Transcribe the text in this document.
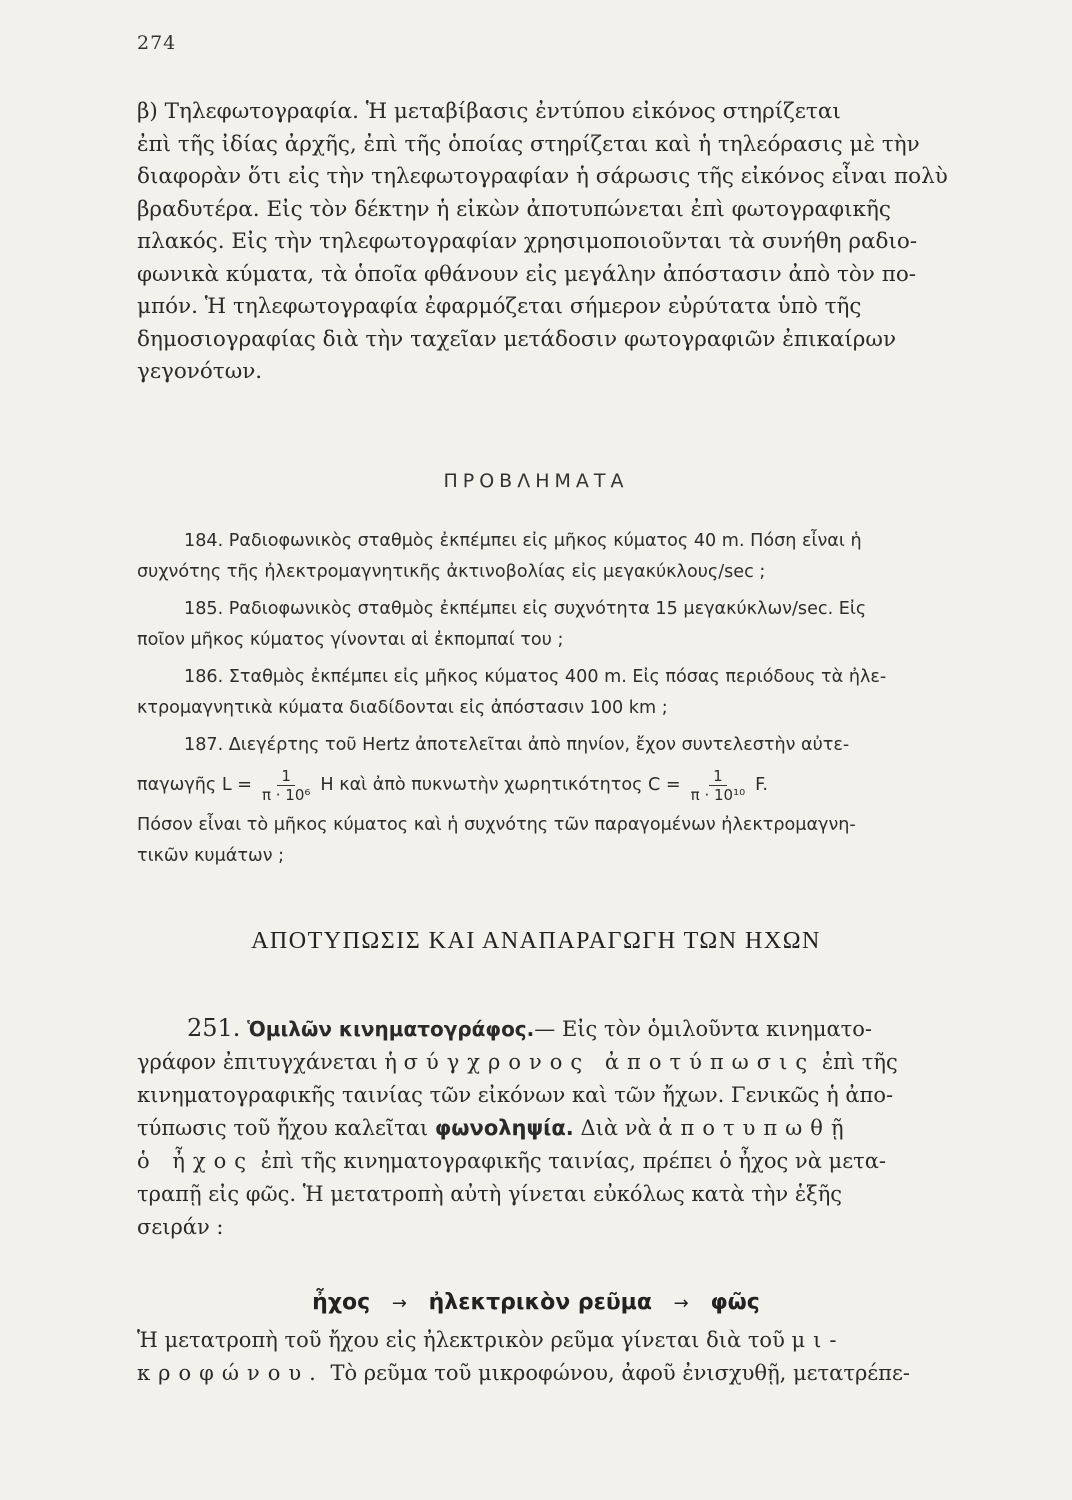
274
β) Τηλεφωτογραφία. Ἡ μεταβίβασις ἐντύπου εἰκόνος στηρίζεται
ἐπὶ τῆς ἰδίας ἀρχῆς, ἐπὶ τῆς ὁποίας στηρίζεται καὶ ἡ τηλεόρασις μὲ τὴν
διαφορὰν ὅτι εἰς τὴν τηλεφωτογραφίαν ἡ σάρωσις τῆς εἰκόνος εἶναι πολὺ
βραδυτέρα. Εἰς τὸν δέκτην ἡ εἰκὼν ἀποτυπώνεται ἐπὶ φωτογραφικῆς
πλακός. Εἰς τὴν τηλεφωτογραφίαν χρησιμοποιοῦνται τὰ συνήθη ραδιο-
φωνικὰ κύματα, τὰ ὁποῖα φθάνουν εἰς μεγάλην ἀπόστασιν ἀπὸ τὸν πο-
μπόν. Ἡ τηλεφωτογραφία ἐφαρμόζεται σήμερον εὐρύτατα ὑπὸ τῆς
δημοσιογραφίας διὰ τὴν ταχεῖαν μετάδοσιν φωτογραφιῶν ἐπικαίρων
γεγονότων.
ΠΡΟΒΛΗΜΑΤΑ
184. Ραδιοφωνικὸς σταθμὸς ἐκπέμπει εἰς μῆκος κύματος 40 m. Πόση εἶναι ἡ
συχνότης τῆς ἠλεκτρομαγνητικῆς ἀκτινοβολίας εἰς μεγακύκλους/sec ;
185. Ραδιοφωνικὸς σταθμὸς ἐκπέμπει εἰς συχνότητα 15 μεγακύκλων/sec. Εἰς
ποῖον μῆκος κύματος γίνονται αἱ ἐκπομπαί του ;
186. Σταθμὸς ἐκπέμπει εἰς μῆκος κύματος 400 m. Εἰς πόσας περιόδους τὰ ἠλε-
κτρομαγνητικὰ κύματα διαδίδονται εἰς ἀπόστασιν 100 km ;
187. Διεγέρτης τοῦ Hertz ἀποτελεῖται ἀπὸ πηνίον, ἔχον συντελεστὴν αὐτε-
παγωγῆς $L = \frac{1}{\text{π · 10⁶}}$ H καὶ ἀπὸ πυκνωτὴν χωρητικότητος $C = \frac{1}{\text{π · 10¹⁰}} F$.
Πόσον εἶναι τὸ μῆκος κύματος καὶ ἡ συχνότης τῶν παραγομένων ἠλεκτρομαγνη-
τικῶν κυμάτων ;
ΑΠΟΤΥΠΩΣΙΣ ΚΑΙ ΑΝΑΠΑΡΑΓΩΓΗ ΤΩΝ ΗΧΩΝ
251. Ὁμιλῶν κινηματογράφος.— Εἰς τὸν ὁμιλοῦντα κινηματο-
γράφον ἐπιτυγχάνεται ἡ σύγχρονος ἀποτύπωσις ἐπὶ τῆς
κινηματογραφικῆς ταινίας τῶν εἰκόνων καὶ τῶν ἤχων. Γενικῶς ἡ ἀπο-
τύπωσις τοῦ ἤχου καλεῖται φωνοληψία. Διὰ νὰ ἀποτυπωθῇ
ὁ ἦχος ἐπὶ τῆς κινηματογραφικῆς ταινίας, πρέπει ὁ ἦχος νὰ μετα-
τραπῇ εἰς φῶς. Ἡ μετατροπὴ αὐτὴ γίνεται εὐκόλως κατὰ τὴν ἑξῆς
σειράν :
ἦχος → ἠλεκτρικὸν ρεῦμα → φῶς
Ἡ μετατροπὴ τοῦ ἤχου εἰς ἠλεκτρικὸν ρεῦμα γίνεται διὰ τοῦ μι-
κροφώνου. Τὸ ρεῦμα τοῦ μικροφώνου, ἀφοῦ ἐνισχυθῇ, μετατρέπε-
